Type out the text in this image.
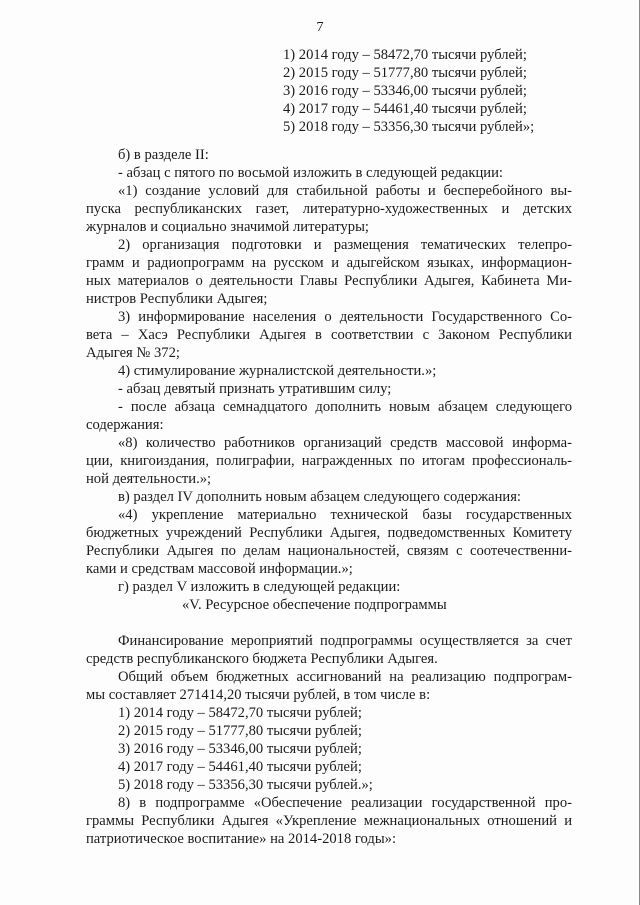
7
1) 2014 году – 58472,70 тысячи рублей;
2) 2015 году – 51777,80 тысячи рублей;
3) 2016 году – 53346,00 тысячи рублей;
4) 2017 году – 54461,40 тысячи рублей;
5) 2018 году – 53356,30 тысячи рублей»;
б) в разделе II:
- абзац с пятого по восьмой изложить в следующей редакции:
«1) создание условий для стабильной работы и бесперебойного вы-
пуска республиканских газет, литературно-художественных и детских
журналов и социально значимой литературы;
2) организация подготовки и размещения тематических телепро-
грамм и радиопрограмм на русском и адыгейском языках, информацион-
ных материалов о деятельности Главы Республики Адыгея, Кабинета Ми-
нистров Республики Адыгея;
3) информирование населения о деятельности Государственного Со-
вета – Хасэ Республики Адыгея в соответствии с Законом Республики
Адыгея № 372;
4) стимулирование журналистской деятельности.»;
- абзац девятый признать утратившим силу;
- после абзаца семнадцатого дополнить новым абзацем следующего
содержания:
«8) количество работников организаций средств массовой информа-
ции, книгоиздания, полиграфии, награжденных по итогам профессиональ-
ной деятельности.»;
в) раздел IV дополнить новым абзацем следующего содержания:
«4) укрепление материально технической базы государственных
бюджетных учреждений Республики Адыгея, подведомственных Комитету
Республики Адыгея по делам национальностей, связям с соотечественни-
ками и средствам массовой информации.»;
г) раздел V изложить в следующей редакции:
«V. Ресурсное обеспечение подпрограммы
Финансирование мероприятий подпрограммы осуществляется за счет
средств республиканского бюджета Республики Адыгея.
Общий объем бюджетных ассигнований на реализацию подпрограм-
мы составляет 271414,20 тысячи рублей, в том числе в:
1) 2014 году – 58472,70 тысячи рублей;
2) 2015 году – 51777,80 тысячи рублей;
3) 2016 году – 53346,00 тысячи рублей;
4) 2017 году – 54461,40 тысячи рублей;
5) 2018 году – 53356,30 тысячи рублей.»;
8) в подпрограмме «Обеспечение реализации государственной про-
граммы Республики Адыгея «Укрепление межнациональных отношений и
патриотическое воспитание» на 2014-2018 годы»:
